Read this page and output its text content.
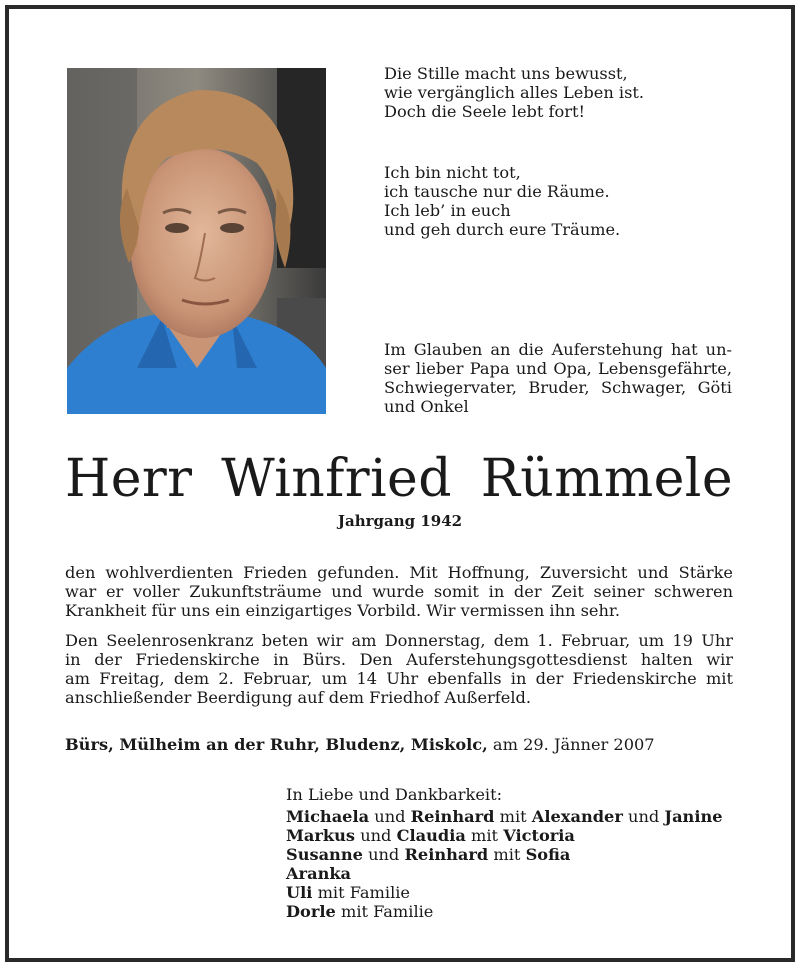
Die Stille macht uns bewusst,
wie vergänglich alles Leben ist.
Doch die Seele lebt fort!
Ich bin nicht tot,
ich tausche nur die Räume.
Ich leb’ in euch
und geh durch eure Träume.
Im Glauben an die Auferstehung hat un-
ser lieber Papa und Opa, Lebensgefährte,
Schwiegervater, Bruder, Schwager, Göti
und Onkel
Herr Winfried Rümmele
Jahrgang 1942
den wohlverdienten Frieden gefunden. Mit Hoffnung, Zuversicht und Stärke
war er voller Zukunftsträume und wurde somit in der Zeit seiner schweren
Krankheit für uns ein einzigartiges Vorbild. Wir vermissen ihn sehr.
Den Seelenrosenkranz beten wir am Donnerstag, dem 1. Februar, um 19 Uhr
in der Friedenskirche in Bürs. Den Auferstehungsgottesdienst halten wir
am Freitag, dem 2. Februar, um 14 Uhr ebenfalls in der Friedenskirche mit
anschließender Beerdigung auf dem Friedhof Außerfeld.
Bürs, Mülheim an der Ruhr, Bludenz, Miskolc, am 29. Jänner 2007
In Liebe und Dankbarkeit:
Michaela und Reinhard mit Alexander und Janine
Markus und Claudia mit Victoria
Susanne und Reinhard mit Sofia
Aranka
Uli mit Familie
Dorle mit Familie
